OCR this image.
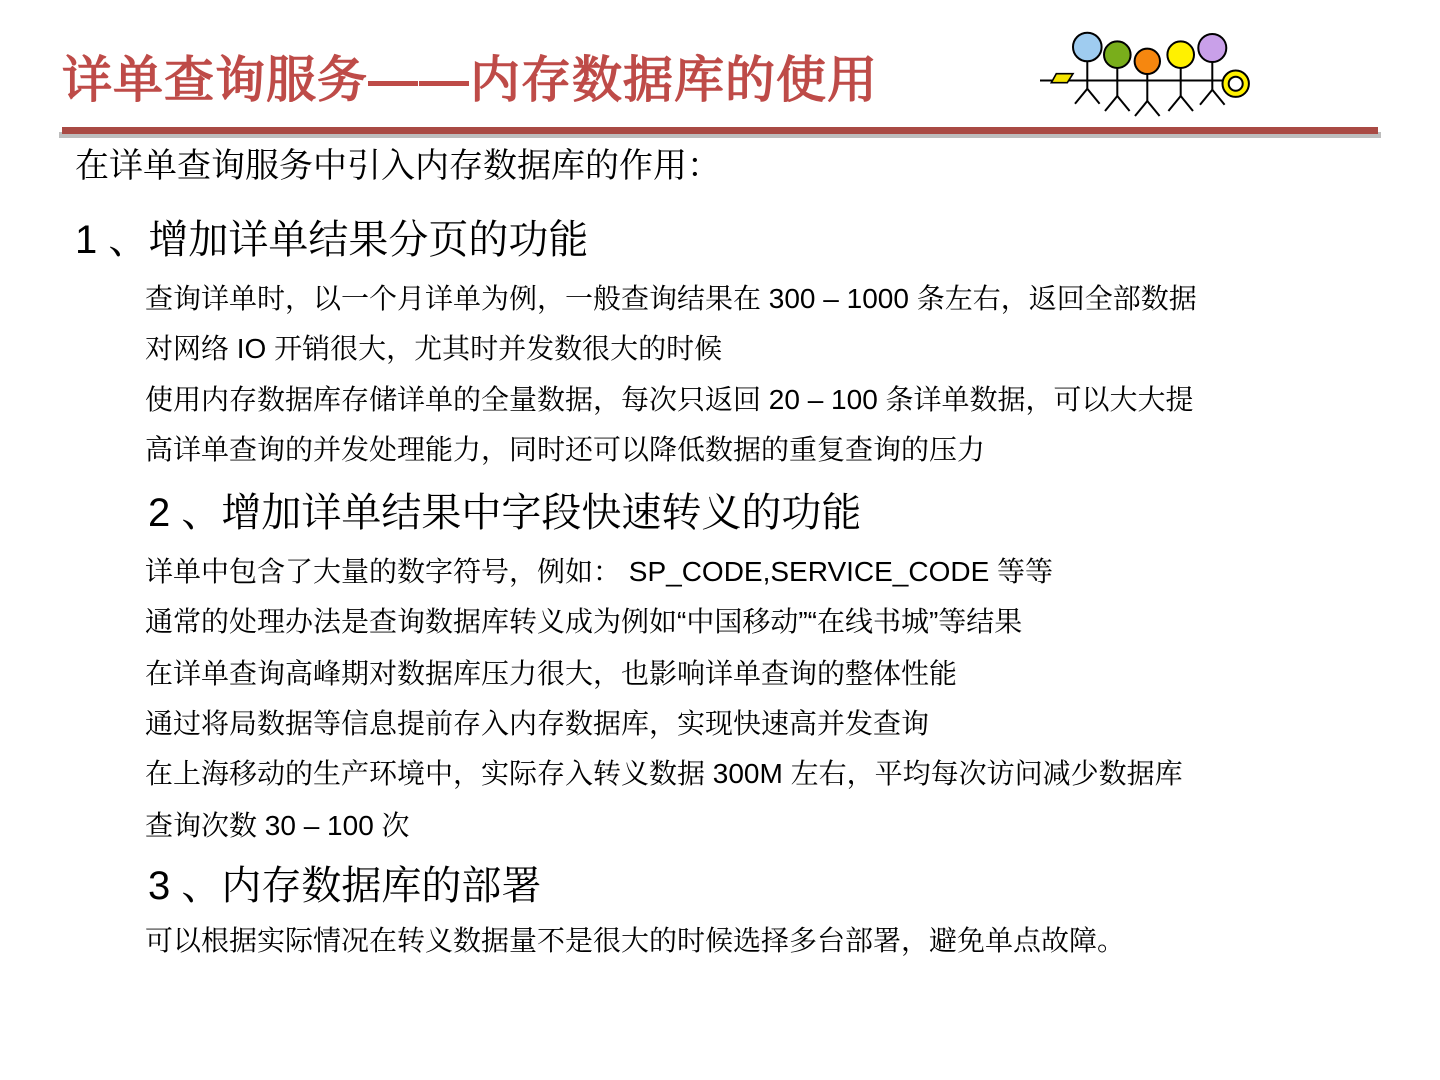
详单查询服务——内存数据库的使用
在详单查询服务中引入内存数据库的作用：
1 、增加详单结果分页的功能
查询详单时，以一个月详单为例，一般查询结果在 300 – 1000 条左右，返回全部数据
对网络 IO 开销很大，尤其时并发数很大的时候
使用内存数据库存储详单的全量数据，每次只返回 20 – 100 条详单数据，可以大大提
高详单查询的并发处理能力，同时还可以降低数据的重复查询的压力
2 、增加详单结果中字段快速转义的功能
详单中包含了大量的数字符号，例如： SP_CODE,SERVICE_CODE 等等
通常的处理办法是查询数据库转义成为例如“中国移动”“在线书城”等结果
在详单查询高峰期对数据库压力很大，也影响详单查询的整体性能
通过将局数据等信息提前存入内存数据库，实现快速高并发查询
在上海移动的生产环境中，实际存入转义数据 300M 左右，平均每次访问减少数据库
查询次数 30 – 100 次
3 、内存数据库的部署
可以根据实际情况在转义数据量不是很大的时候选择多台部署，避免单点故障。
